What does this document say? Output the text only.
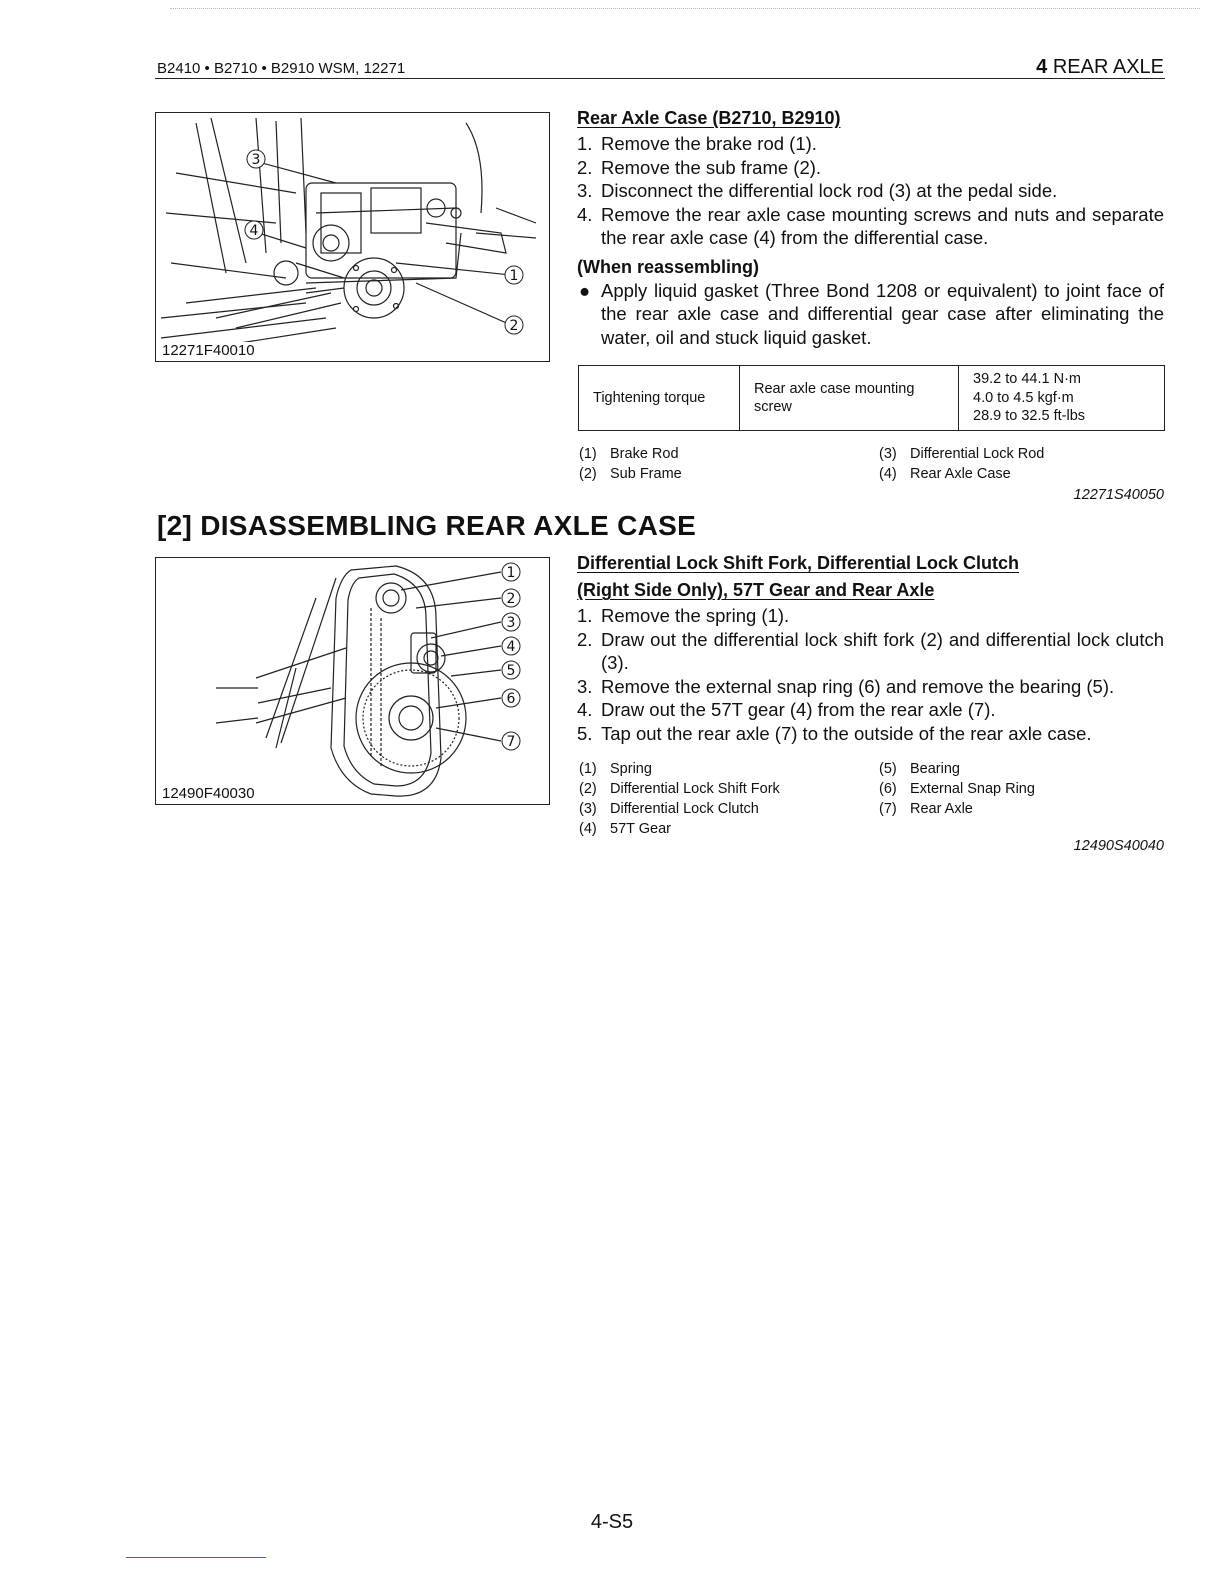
B2410 • B2710 • B2910 WSM, 12271	4 REAR AXLE
3
4
1
2
12271F40010
Rear Axle Case (B2710, B2910)
1. Remove the brake rod (1).
2. Remove the sub frame (2).
3. Disconnect the differential lock rod (3) at the pedal side.
4. Remove the rear axle case mounting screws and nuts and separate the rear axle case (4) from the differential case.
(When reassembling)
● Apply liquid gasket (Three Bond 1208 or equivalent) to joint face of the rear axle case and differential gear case after eliminating the water, oil and stuck liquid gasket.
Tightening torque	Rear axle case mounting screw	
39.2 to 44.1 N·m
4.0 to 4.5 kgf·m
28.9 to 32.5 ft-lbs
(1) Brake Rod
(2) Sub Frame
(3) Differential Lock Rod
(4) Rear Axle Case
12271S40050
[2] DISASSEMBLING REAR AXLE CASE
1
2
3
4
5
6
7
12490F40030
Differential Lock Shift Fork, Differential Lock Clutch
(Right Side Only), 57T Gear and Rear Axle
1. Remove the spring (1).
2. Draw out the differential lock shift fork (2) and differential lock clutch (3).
3. Remove the external snap ring (6) and remove the bearing (5).
4. Draw out the 57T gear (4) from the rear axle (7).
5. Tap out the rear axle (7) to the outside of the rear axle case.
(1) Spring
(2) Differential Lock Shift Fork
(3) Differential Lock Clutch
(4) 57T Gear
(5) Bearing
(6) External Snap Ring
(7) Rear Axle
12490S40040
4-S5
